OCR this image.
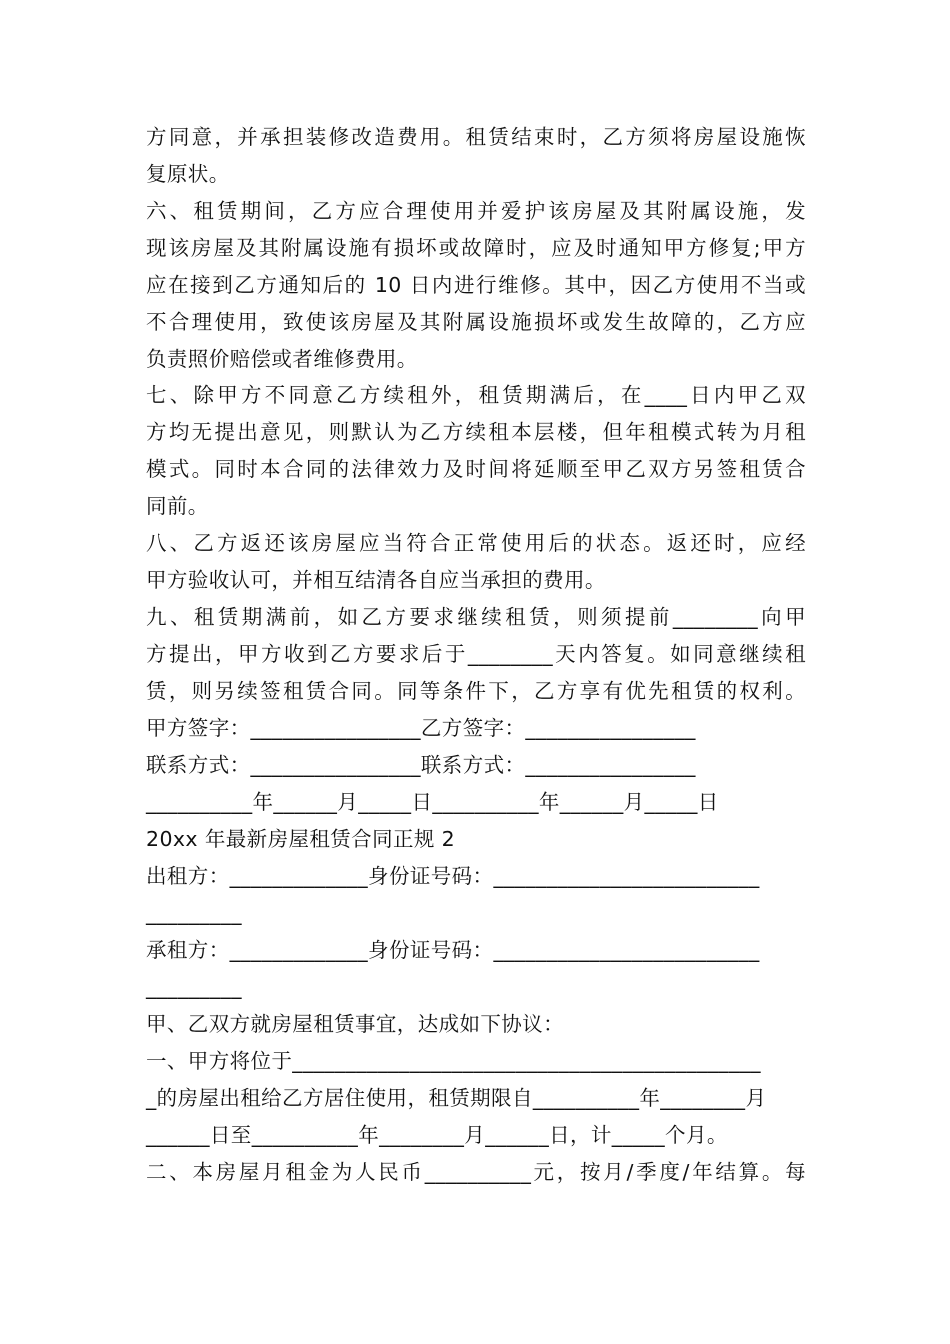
方同意，并承担装修改造费用。租赁结束时，乙方须将房屋设施恢
复原状。
六、租赁期间，乙方应合理使用并爱护该房屋及其附属设施，发
现该房屋及其附属设施有损坏或故障时，应及时通知甲方修复;甲方
应在接到乙方通知后的 10 日内进行维修。其中，因乙方使用不当或
不合理使用，致使该房屋及其附属设施损坏或发生故障的，乙方应
负责照价赔偿或者维修费用。
七、除甲方不同意乙方续租外，租赁期满后，在____日内甲乙双
方均无提出意见，则默认为乙方续租本层楼，但年租模式转为月租
模式。同时本合同的法律效力及时间将延顺至甲乙双方另签租赁合
同前。
八、乙方返还该房屋应当符合正常使用后的状态。返还时，应经
甲方验收认可，并相互结清各自应当承担的费用。
九、租赁期满前，如乙方要求继续租赁，则须提前________向甲
方提出，甲方收到乙方要求后于________天内答复。如同意继续租
赁，则另续签租赁合同。同等条件下，乙方享有优先租赁的权利。
甲方签字：________________乙方签字：________________
联系方式：________________联系方式：________________
__________年______月_____日__________年______月_____日
20xx 年最新房屋租赁合同正规 2
出租方：_____________身份证号码：_________________________
_________
承租方：_____________身份证号码：_________________________
_________
甲、乙双方就房屋租赁事宜，达成如下协议：
一、甲方将位于____________________________________________
_的房屋出租给乙方居住使用，租赁期限自__________年________月
______日至__________年________月______日，计_____个月。
二、本房屋月租金为人民币__________元，按月/季度/年结算。每
